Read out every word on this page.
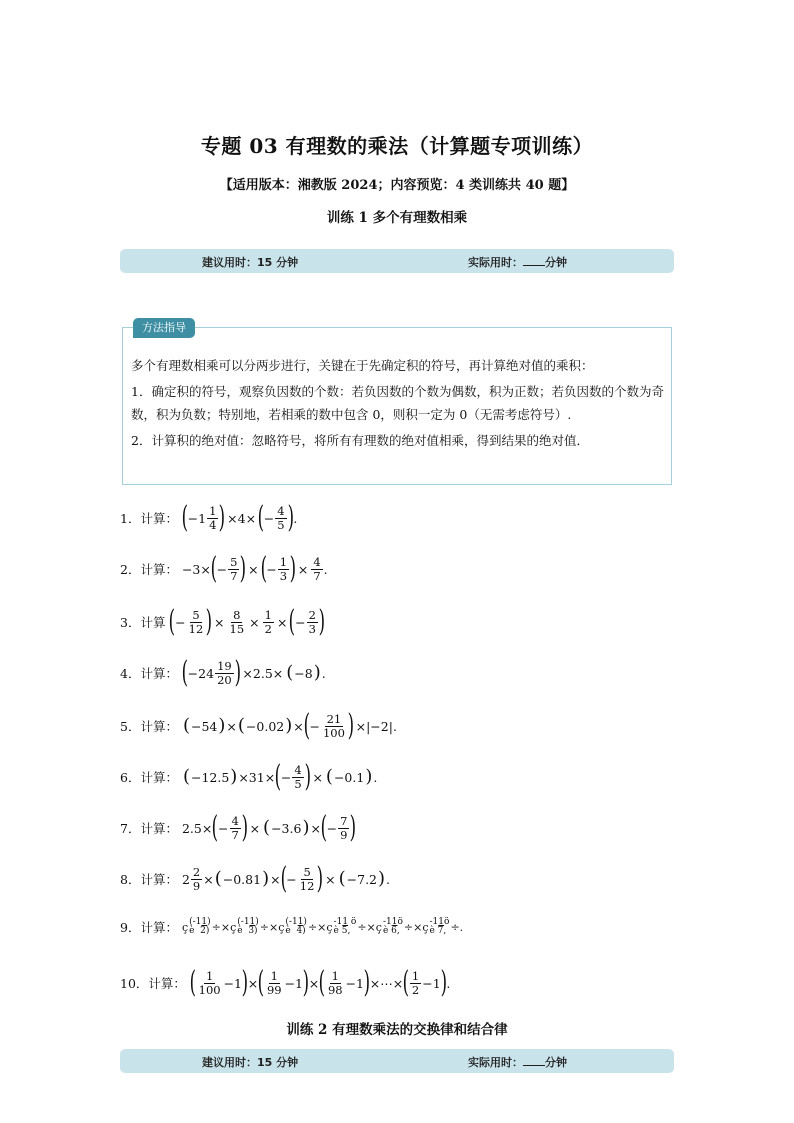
专题 03 有理数的乘法（计算题专项训练）
【适用版本：湘教版 2024；内容预览：4 类训练共 40 题】
训练 1 多个有理数相乘
建议用时：15 分钟	实际用时： 分钟
方法指导

多个有理数相乘可以分两步进行，关键在于先确定积的符号，再计算绝对值的乘积：

1．确定积的符号，观察负因数的个数：若负因数的个数为偶数，积为正数；若负因数的个数为奇数，积为负数；特别地，若相乘的数中包含 0，则积一定为 0（无需考虑符号）.

2．计算积的绝对值：忽略符号，将所有有理数的绝对值相乘，得到结果的绝对值．

1．计算： ( $-1 \frac{1}{4}$ ) ×4× ( − $\frac{4}{5}$ ) .
2．计算： −3× ( − $\frac{5}{7}$ ) × ( − $\frac{1}{3}$ ) × $\frac{4}{7}$ .
3．计算 ( − $\frac{5}{12}$ ) × $\frac{8}{15} \times \frac{1}{2}$ × ( − $\frac{2}{3}$ )
4．计算： ( $-24 \frac{19}{20}$ ) ×2.5× ( −8 ) .
5．计算： ( −54 ) × ( −0.02 ) × ( − $\frac{21}{100}$ ) ×|−2|.
6．计算： ( −12.5 ) ×31× ( − $\frac{4}{5}$ ) × ( −0.1 ) .
7．计算： 2.5× ( − $\frac{4}{7}$ ) × ( −3.6 ) × ( − $\frac{7}{9}$ )
8．计算： $2 \frac{2}{9}$ × ( −0.81 ) × ( − $\frac{5}{12}$ ) × ( −7.2 ) .
9．计算： ç (-11)
è  2) ÷×ç (-11)
è  3) ÷×ç (-11)
è  4) ÷×ç -11 ö
è 5, ÷×ç -11ö
è 6, ÷×ç -11ö
è 7, ÷.
10．计算： ( $\frac{1}{100} -1$ ) × ( $\frac{1}{99} -1$ ) × ( $\frac{1}{98} -1$ ) ×⋯× ( $\frac{1}{2} -1$ ) .
训练 2 有理数乘法的交换律和结合律
建议用时：15 分钟	实际用时： 分钟
